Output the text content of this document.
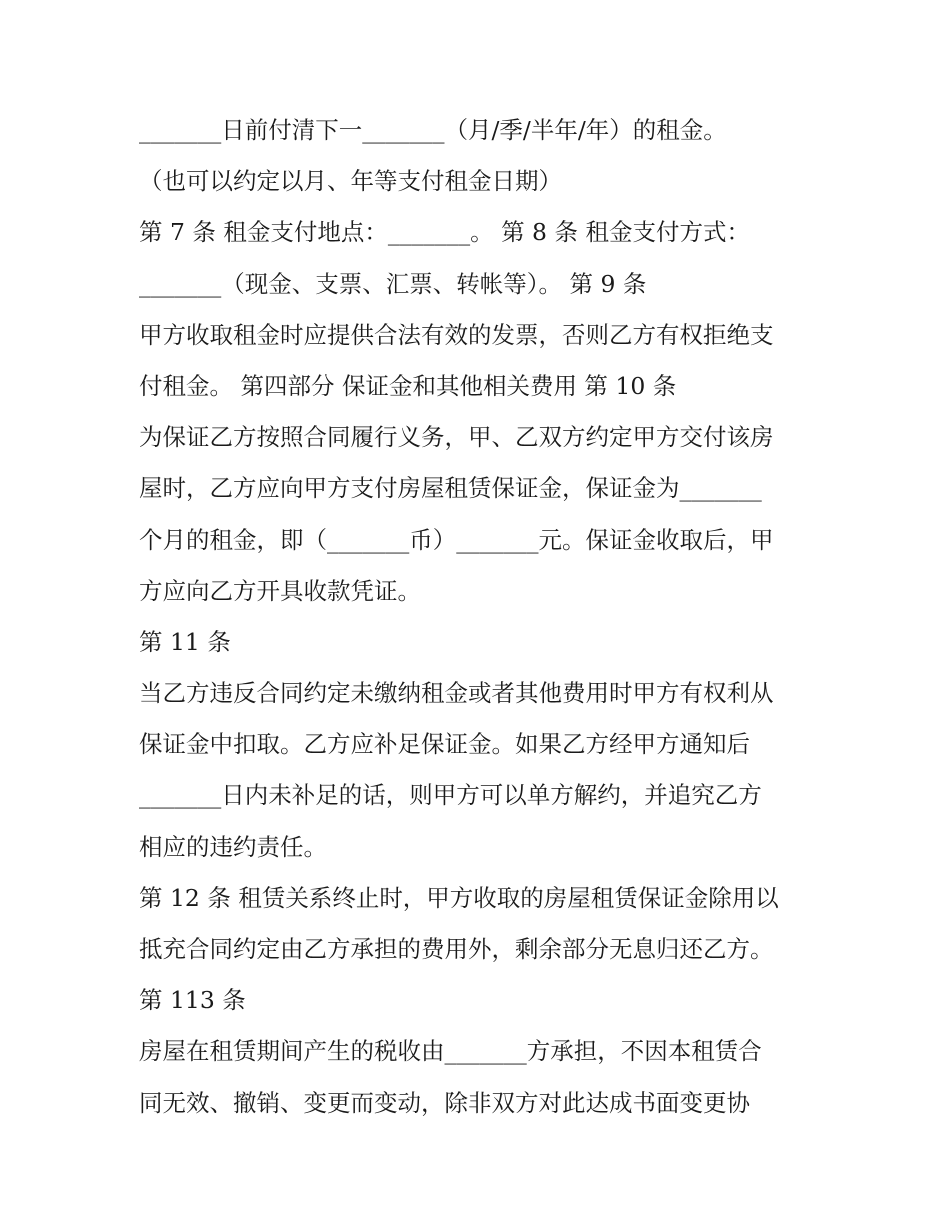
_______日前付清下一_______（月/季/半年/年）的租金。
（也可以约定以月、年等支付租金日期）
第 7 条 租金支付地点：_______。 第 8 条 租金支付方式：
_______（现金、支票、汇票、转帐等）。 第 9 条
甲方收取租金时应提供合法有效的发票，否则乙方有权拒绝支
付租金。 第四部分 保证金和其他相关费用 第 10 条
为保证乙方按照合同履行义务，甲、乙双方约定甲方交付该房
屋时，乙方应向甲方支付房屋租赁保证金，保证金为_______
个月的租金，即（_______币）_______元。保证金收取后，甲
方应向乙方开具收款凭证。
第 11 条
当乙方违反合同约定未缴纳租金或者其他费用时甲方有权利从
保证金中扣取。乙方应补足保证金。如果乙方经甲方通知后
_______日内未补足的话，则甲方可以单方解约，并追究乙方
相应的违约责任。
第 12 条 租赁关系终止时，甲方收取的房屋租赁保证金除用以
抵充合同约定由乙方承担的费用外，剩余部分无息归还乙方。
第 113 条
房屋在租赁期间产生的税收由_______方承担，不因本租赁合
同无效、撤销、变更而变动，除非双方对此达成书面变更协
